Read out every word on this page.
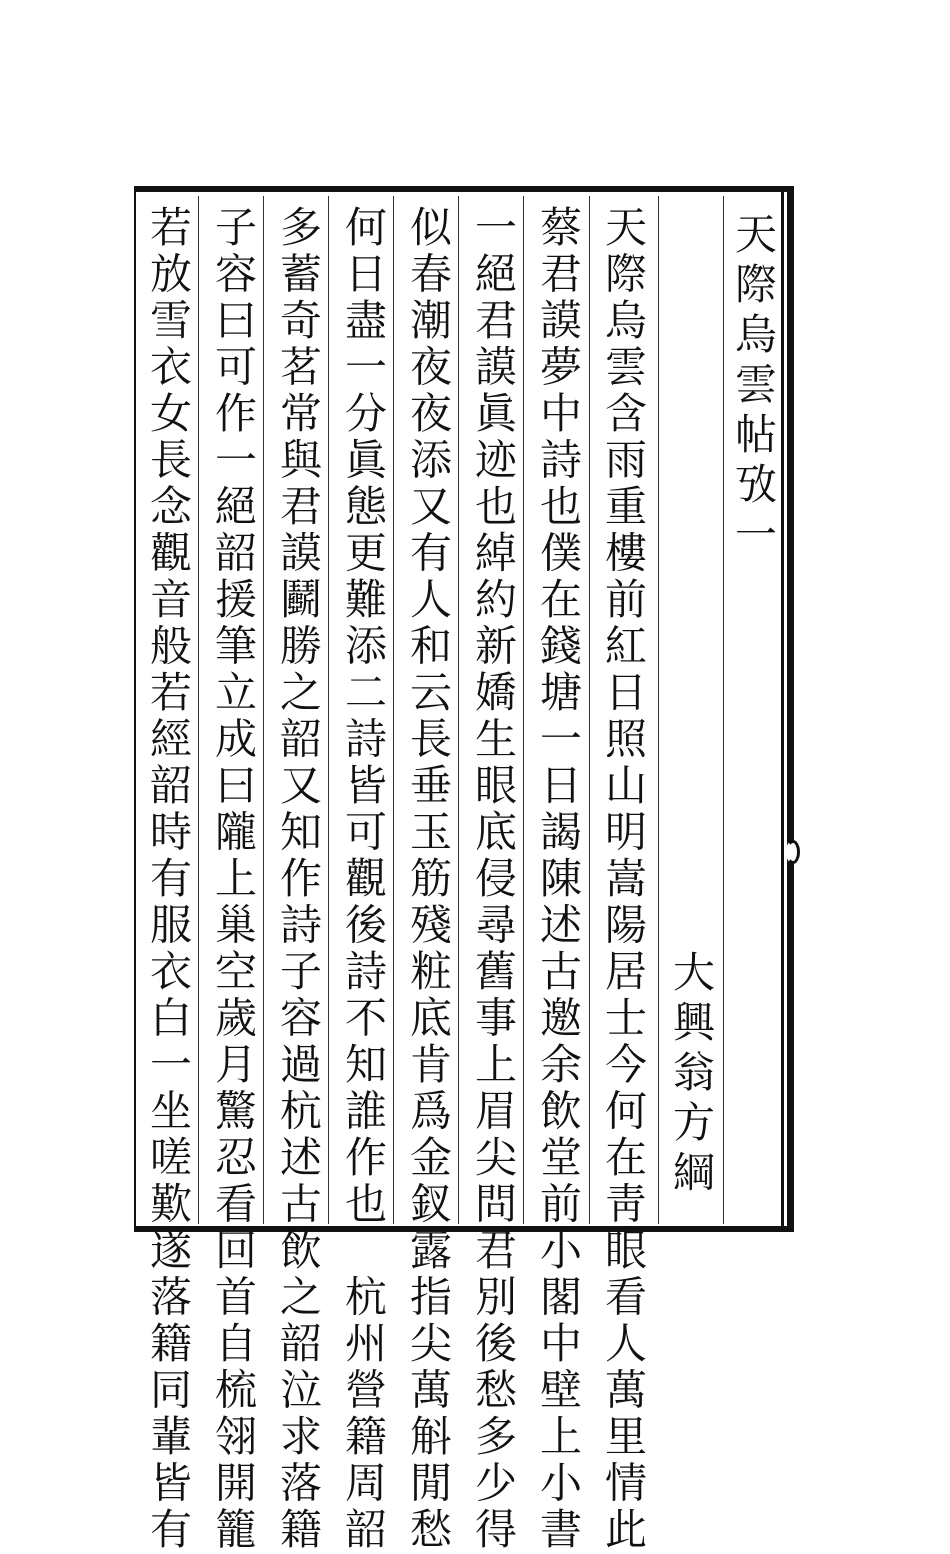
天際烏雲帖攷一
大興翁方綱
天際烏雲含雨重樓前紅日照山明嵩陽居士今何在靑眼看人萬里情此
蔡君謨夢中詩也僕在錢塘一日謁陳述古邀余飲堂前小閣中壁上小書
一絕君謨眞迹也綽約新嬌生眼底侵尋舊事上眉尖問君別後愁多少得
似春潮夜夜添又有人和云長垂玉筋殘粧底肯爲金釵露指尖萬斛閒愁
何日盡一分眞態更難添二詩皆可觀後詩不知誰作也　杭州營籍周韶
多蓄奇茗常與君謨鬬勝之韶又知作詩子容過杭述古飲之韶泣求落籍
子容曰可作一絕韶援筆立成曰隴上巢空歲月驚忍看回首自梳翎開籠
若放雪衣女長念觀音般若經韶時有服衣白一坐嗟歎遂落籍同輩皆有
